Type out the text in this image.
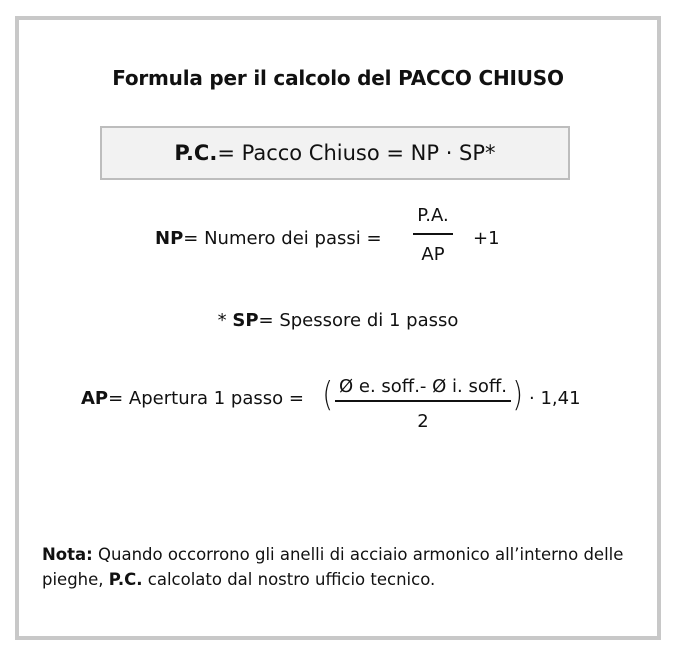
Formula per il calcolo del PACCO CHIUSO
P.C. = Pacco Chiuso = NP · SP*
NP= Numero dei passi =
P.A.
AP
+1
* SP= Spessore di 1 passo
AP= Apertura 1 passo = ( Ø e. soff.- Ø i. soff.
2
) · 1,41
Nota: Quando occorrono gli anelli di acciaio armonico all’interno delle pieghe, P.C. calcolato dal nostro ufficio tecnico.
